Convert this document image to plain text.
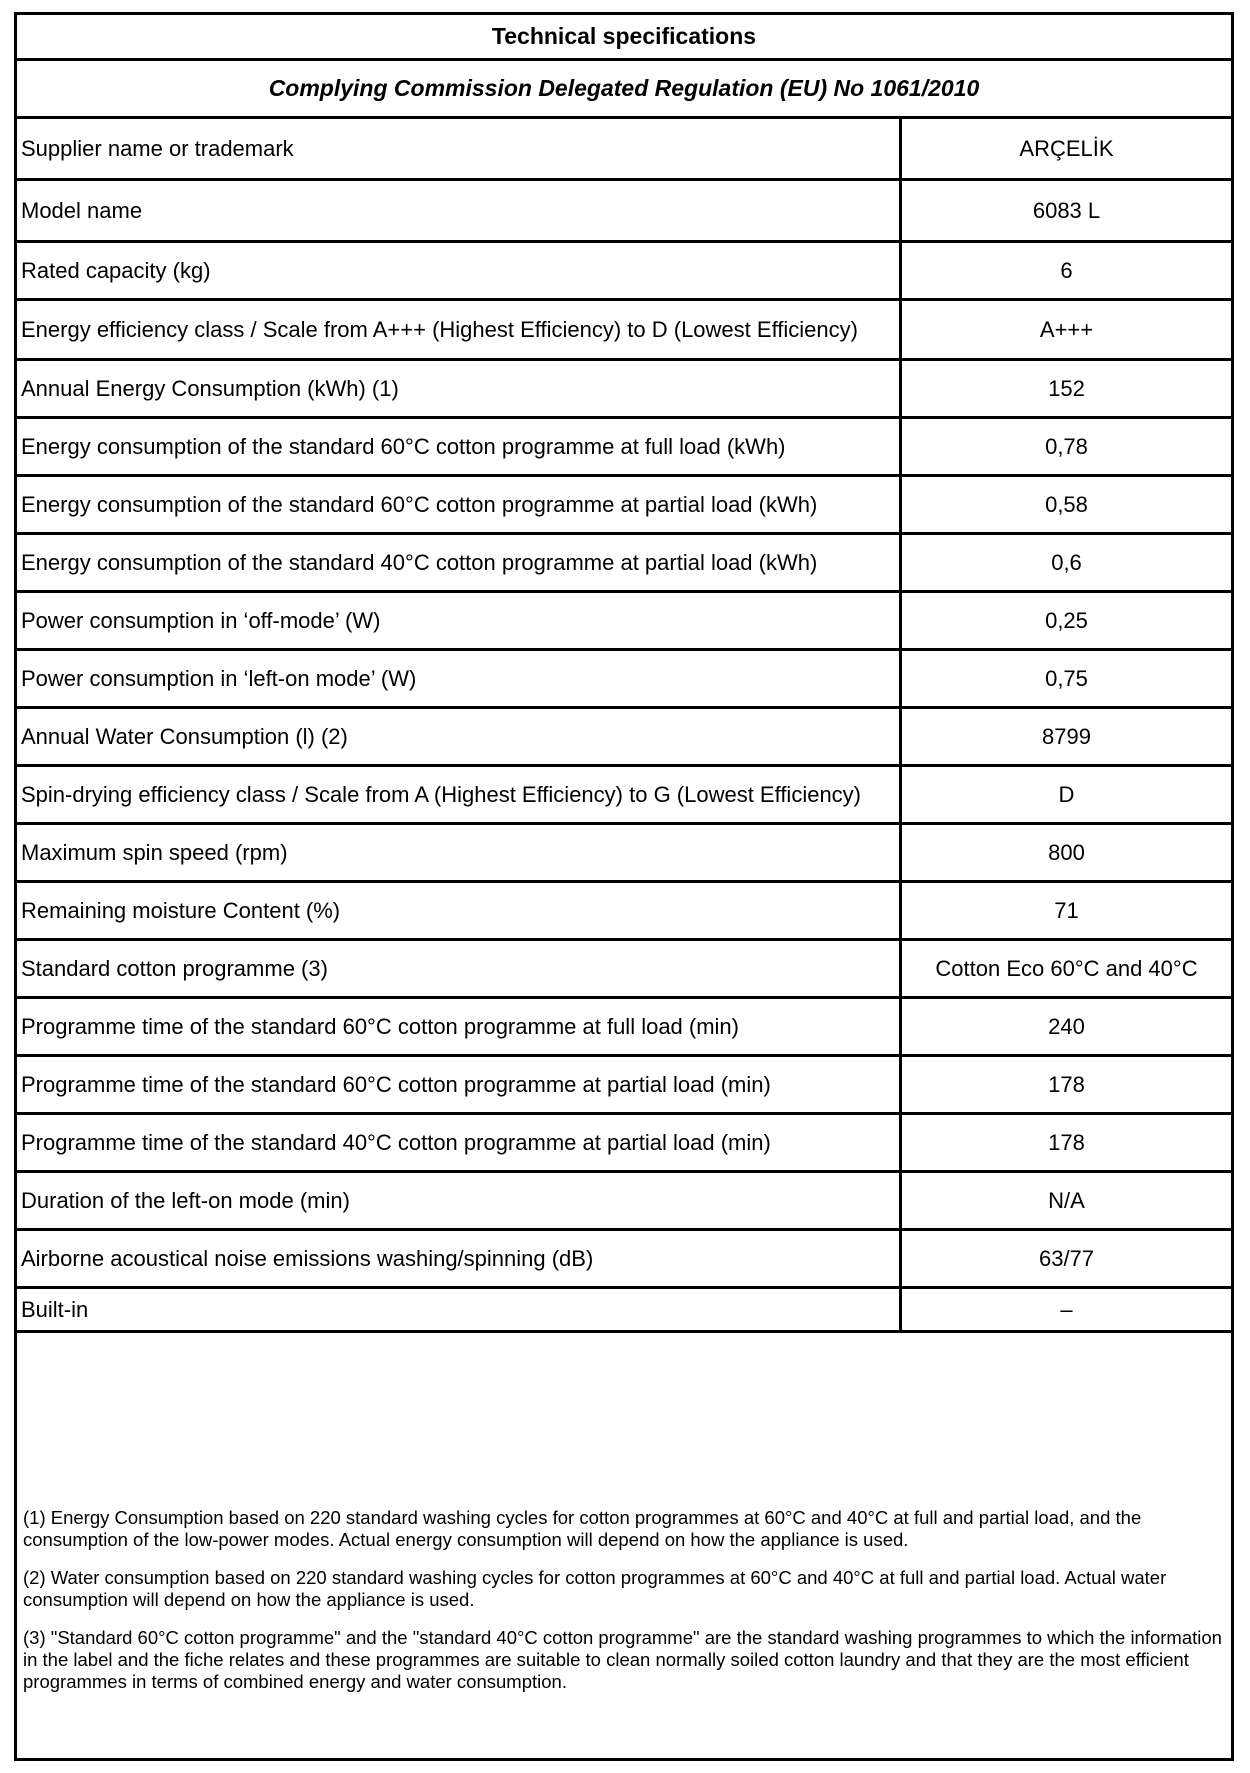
Technical specifications
Complying Commission Delegated Regulation (EU) No 1061/2010
Supplier name or trademark	ARÇELİK
Model name	6083 L
Rated capacity (kg)	6
Energy efficiency class / Scale from A+++ (Highest Efficiency) to D (Lowest Efficiency)	A+++
Annual Energy Consumption (kWh) (1)	152
Energy consumption of the standard 60°C cotton programme at full load (kWh)	0,78
Energy consumption of the standard 60°C cotton programme at partial load (kWh)	0,58
Energy consumption of the standard 40°C cotton programme at partial load (kWh)	0,6
Power consumption in ‘off-mode’ (W)	0,25
Power consumption in ‘left-on mode’ (W)	0,75
Annual Water Consumption (l) (2)	8799
Spin-drying efficiency class / Scale from A (Highest Efficiency) to G (Lowest Efficiency)	D
Maximum spin speed (rpm)	800
Remaining moisture Content (%)	71
Standard cotton programme (3)	Cotton Eco 60°C and 40°C
Programme time of the standard 60°C cotton programme at full load (min)	240
Programme time of the standard 60°C cotton programme at partial load (min)	178
Programme time of the standard 40°C cotton programme at partial load (min)	178
Duration of the left-on mode (min)	N/A
Airborne acoustical noise emissions washing/spinning (dB)	63/77
Built-in	–

(1) Energy Consumption based on 220 standard washing cycles for cotton programmes at 60°C and 40°C at full and partial load, and the consumption of the low-power modes. Actual energy consumption will depend on how the appliance is used.

(2) Water consumption based on 220 standard washing cycles for cotton programmes at 60°C and 40°C at full and partial load. Actual water consumption will depend on how the appliance is used.

(3) "Standard 60°C cotton programme" and the "standard 40°C cotton programme" are the standard washing programmes to which the information in the label and the fiche relates and these programmes are suitable to clean normally soiled cotton laundry and that they are the most efficient programmes in terms of combined energy and water consumption.
